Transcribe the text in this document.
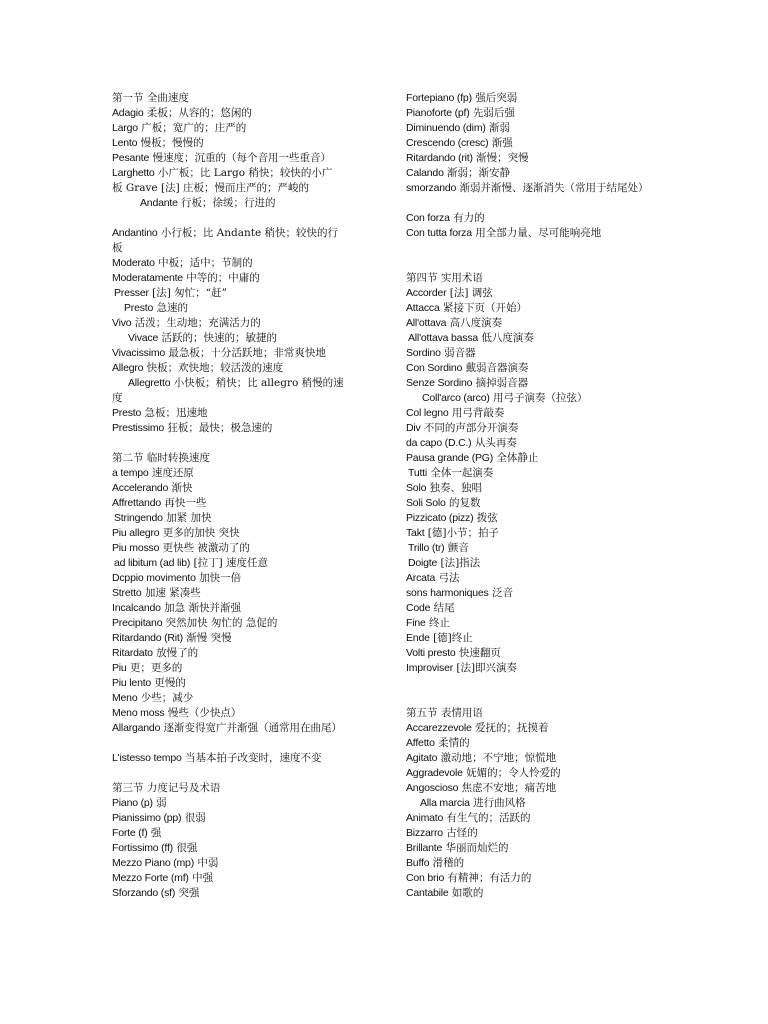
第一节 全曲速度
Adagio 柔板；从容的；悠闲的
Largo 广板；宽广的；庄严的
Lento 慢板；慢慢的
Pesante 慢速度；沉重的（每个音用一些重音）
Larghetto 小广板；比 Largo 稍快；较快的小广
板 Grave [法] 庄板；慢而庄严的；严峻的
Andante 行板；徐缓；行进的
Andantino 小行板；比 Andante 稍快；较快的行
板
Moderato 中板；适中；节制的
Moderatamente 中等的；中庸的
Presser [法] 匆忙；“赶”
Presto 急速的
Vivo 活泼；生动地；充满活力的
Vivace 活跃的；快速的；敏捷的
Vivacissimo 最急板；十分活跃地；非常爽快地
Allegro 快板；欢快地；较活泼的速度
Allegretto 小快板；稍快；比 allegro 稍慢的速
度
Presto 急板；迅速地
Prestissimo 狂板；最快；极急速的
第二节 临时转换速度
a tempo 速度还原
Accelerando 渐快
Affrettando 再快一些
Stringendo 加紧 加快
Piu allegro 更多的加快 突快
Piu mosso 更快些 被激动了的
ad libitum (ad lib) [拉丁] 速度任意
Dcppio movimento 加快一倍
Stretto 加速 紧凑些
Incalcando 加急 渐快并渐强
Precipitano 突然加快 匆忙的 急促的
Ritardando (Rit) 渐慢 突慢
Ritardato 放慢了的
Piu 更；更多的
Piu lento 更慢的
Meno 少些；减少
Meno moss 慢些（少快点）
Allargando 逐渐变得宽广并渐强（通常用在曲尾）
L'istesso tempo 当基本拍子改变时，速度不变
第三节 力度记号及术语
Piano (p) 弱
Pianissimo (pp) 很弱
Forte (f) 强
Fortissimo (ff) 很强
Mezzo Piano (mp) 中弱
Mezzo Forte (mf) 中强
Sforzando (sf) 突强
Fortepiano (fp) 强后突弱
Pianoforte (pf) 先弱后强
Diminuendo (dim) 渐弱
Crescendo (cresc) 渐强
Ritardando (rit) 渐慢；突慢
Calando 渐弱；渐安静
smorzando 渐弱并渐慢、逐渐消失（常用于结尾处）
Con forza 有力的
Con tutta forza 用全部力量、尽可能响亮地
第四节 实用术语
Accorder [法] 调弦
Attacca 紧接下页（开始）
All'ottava 高八度演奏
All'ottava bassa 低八度演奏
Sordino 弱音器
Con Sordino 戴弱音器演奏
Senze Sordino 摘掉弱音器
Coll'arco (arco) 用弓子演奏（拉弦）
Col legno 用弓背敲奏
Div 不同的声部分开演奏
da capo (D.C.) 从头再奏
Pausa grande (PG) 全体静止
Tutti 全体一起演奏
Solo 独奏、独唱
Soli Solo 的复数
Pizzicato (pizz) 拨弦
Takt [德]小节；拍子
Trillo (tr) 颤音
Doigte [法]指法
Arcata 弓法
sons harmoniques 泛音
Code 结尾
Fine 终止
Ende [德]终止
Volti presto 快速翻页
Improviser [法]即兴演奏
第五节 表情用语
Accarezzevole 爱抚的；抚摸着
Affetto 柔情的
Agitato 激动地；不宁地；惊慌地
Aggradevole 妩媚的；令人怜爱的
Angoscioso 焦虑不安地；痛苦地
Alla marcia 进行曲风格
Animato 有生气的；活跃的
Bizzarro 古怪的
Brillante 华丽而灿烂的
Buffo 滑稽的
Con brio 有精神；有活力的
Cantabile 如歌的
